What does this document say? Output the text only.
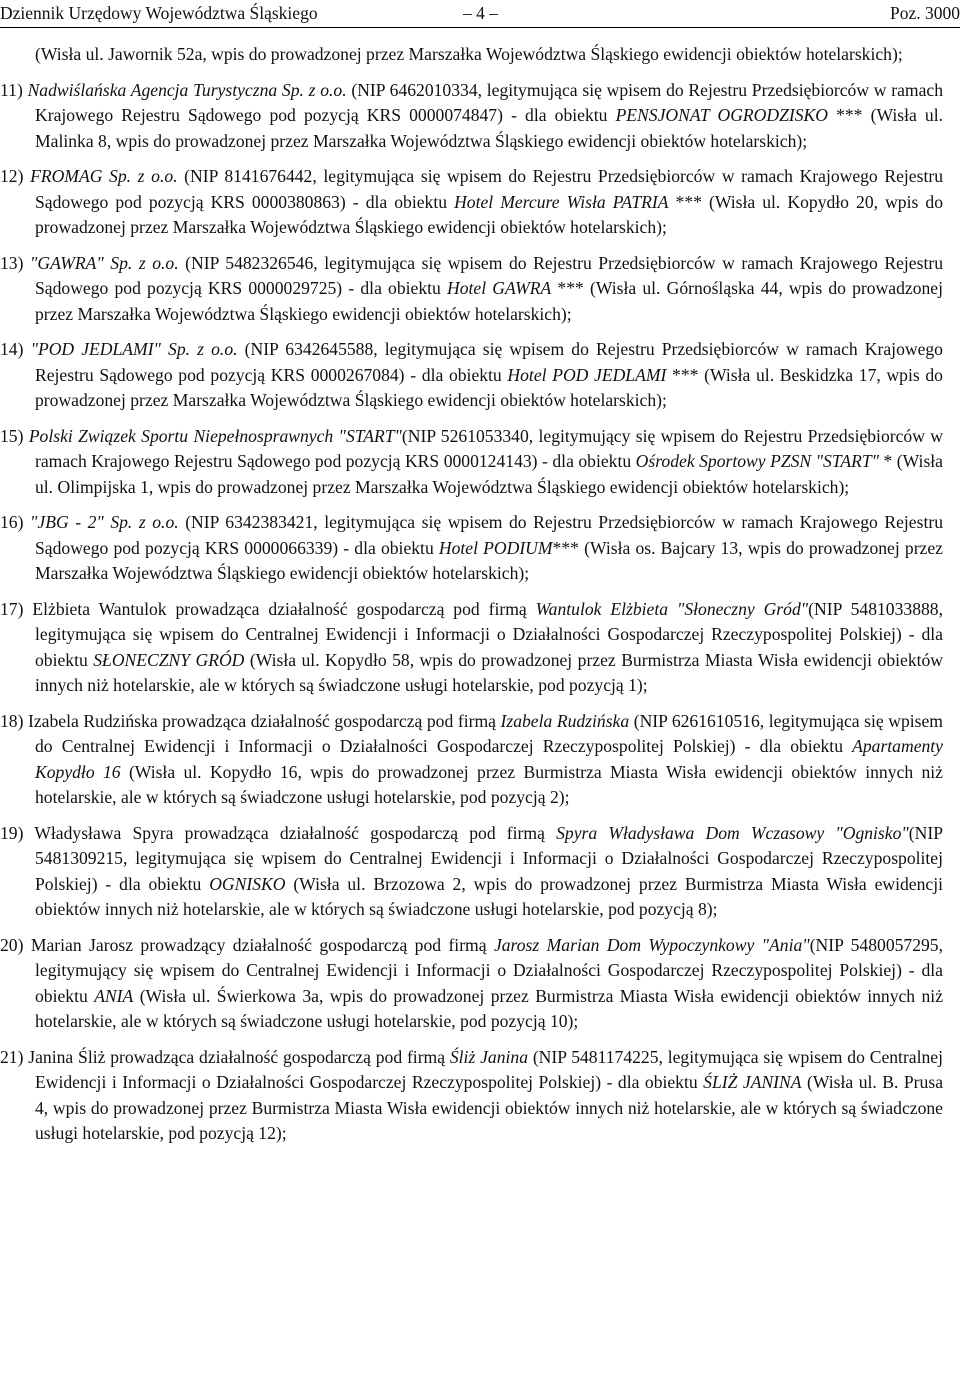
Dziennik Urzędowy Województwa Śląskiego	– 4 –	Poz. 3000

(Wisła ul. Jawornik 52a, wpis do prowadzonej przez Marszałka Województwa Śląskiego ewidencji obiektów hotelarskich);

11) Nadwiślańska Agencja Turystyczna Sp. z o.o. (NIP 6462010334, legitymująca się wpisem do Rejestru Przedsiębiorców w ramach Krajowego Rejestru Sądowego pod pozycją KRS 0000074847) - dla obiektu PENSJONAT OGRODZISKO *** (Wisła ul. Malinka 8, wpis do prowadzonej przez Marszałka Województwa Śląskiego ewidencji obiektów hotelarskich);

12) FROMAG Sp. z o.o. (NIP 8141676442, legitymująca się wpisem do Rejestru Przedsiębiorców w ramach Krajowego Rejestru Sądowego pod pozycją KRS 0000380863) - dla obiektu Hotel Mercure Wisła PATRIA *** (Wisła ul. Kopydło 20, wpis do prowadzonej przez Marszałka Województwa Śląskiego ewidencji obiektów hotelarskich);

13) "GAWRA" Sp. z o.o. (NIP 5482326546, legitymująca się wpisem do Rejestru Przedsiębiorców w ramach Krajowego Rejestru Sądowego pod pozycją KRS 0000029725) - dla obiektu Hotel GAWRA *** (Wisła ul. Górnośląska 44, wpis do prowadzonej przez Marszałka Województwa Śląskiego ewidencji obiektów hotelarskich);

14) "POD JEDLAMI" Sp. z o.o. (NIP 6342645588, legitymująca się wpisem do Rejestru Przedsiębiorców w ramach Krajowego Rejestru Sądowego pod pozycją KRS 0000267084) - dla obiektu Hotel POD JEDLAMI *** (Wisła ul. Beskidzka 17, wpis do prowadzonej przez Marszałka Województwa Śląskiego ewidencji obiektów hotelarskich);

15) Polski Związek Sportu Niepełnosprawnych "START"(NIP 5261053340, legitymujący się wpisem do Rejestru Przedsiębiorców w ramach Krajowego Rejestru Sądowego pod pozycją KRS 0000124143) - dla obiektu Ośrodek Sportowy PZSN "START" * (Wisła ul. Olimpijska 1, wpis do prowadzonej przez Marszałka Województwa Śląskiego ewidencji obiektów hotelarskich);

16) "JBG - 2" Sp. z o.o. (NIP 6342383421, legitymująca się wpisem do Rejestru Przedsiębiorców w ramach Krajowego Rejestru Sądowego pod pozycją KRS 0000066339) - dla obiektu Hotel PODIUM*** (Wisła os. Bajcary 13, wpis do prowadzonej przez Marszałka Województwa Śląskiego ewidencji obiektów hotelarskich);

17) Elżbieta Wantulok prowadząca działalność gospodarczą pod firmą Wantulok Elżbieta "Słoneczny Gród"(NIP 5481033888, legitymująca się wpisem do Centralnej Ewidencji i Informacji o Działalności Gospodarczej Rzeczypospolitej Polskiej) - dla obiektu SŁONECZNY GRÓD (Wisła ul. Kopydło 58, wpis do prowadzonej przez Burmistrza Miasta Wisła ewidencji obiektów innych niż hotelarskie, ale w których są świadczone usługi hotelarskie, pod pozycją 1);

18) Izabela Rudzińska prowadząca działalność gospodarczą pod firmą Izabela Rudzińska (NIP 6261610516, legitymująca się wpisem do Centralnej Ewidencji i Informacji o Działalności Gospodarczej Rzeczypospolitej Polskiej) - dla obiektu Apartamenty Kopydło 16 (Wisła ul. Kopydło 16, wpis do prowadzonej przez Burmistrza Miasta Wisła ewidencji obiektów innych niż hotelarskie, ale w których są świadczone usługi hotelarskie, pod pozycją 2);

19) Władysława Spyra prowadząca działalność gospodarczą pod firmą Spyra Władysława Dom Wczasowy "Ognisko"(NIP 5481309215, legitymująca się wpisem do Centralnej Ewidencji i Informacji o Działalności Gospodarczej Rzeczypospolitej Polskiej) - dla obiektu OGNISKO (Wisła ul. Brzozowa 2, wpis do prowadzonej przez Burmistrza Miasta Wisła ewidencji obiektów innych niż hotelarskie, ale w których są świadczone usługi hotelarskie, pod pozycją 8);

20) Marian Jarosz prowadzący działalność gospodarczą pod firmą Jarosz Marian Dom Wypoczynkowy "Ania"(NIP 5480057295, legitymujący się wpisem do Centralnej Ewidencji i Informacji o Działalności Gospodarczej Rzeczypospolitej Polskiej) - dla obiektu ANIA (Wisła ul. Świerkowa 3a, wpis do prowadzonej przez Burmistrza Miasta Wisła ewidencji obiektów innych niż hotelarskie, ale w których są świadczone usługi hotelarskie, pod pozycją 10);

21) Janina Śliż prowadząca działalność gospodarczą pod firmą Śliż Janina (NIP 5481174225, legitymująca się wpisem do Centralnej Ewidencji i Informacji o Działalności Gospodarczej Rzeczypospolitej Polskiej) - dla obiektu ŚLIŻ JANINA (Wisła ul. B. Prusa 4, wpis do prowadzonej przez Burmistrza Miasta Wisła ewidencji obiektów innych niż hotelarskie, ale w których są świadczone usługi hotelarskie, pod pozycją 12);
